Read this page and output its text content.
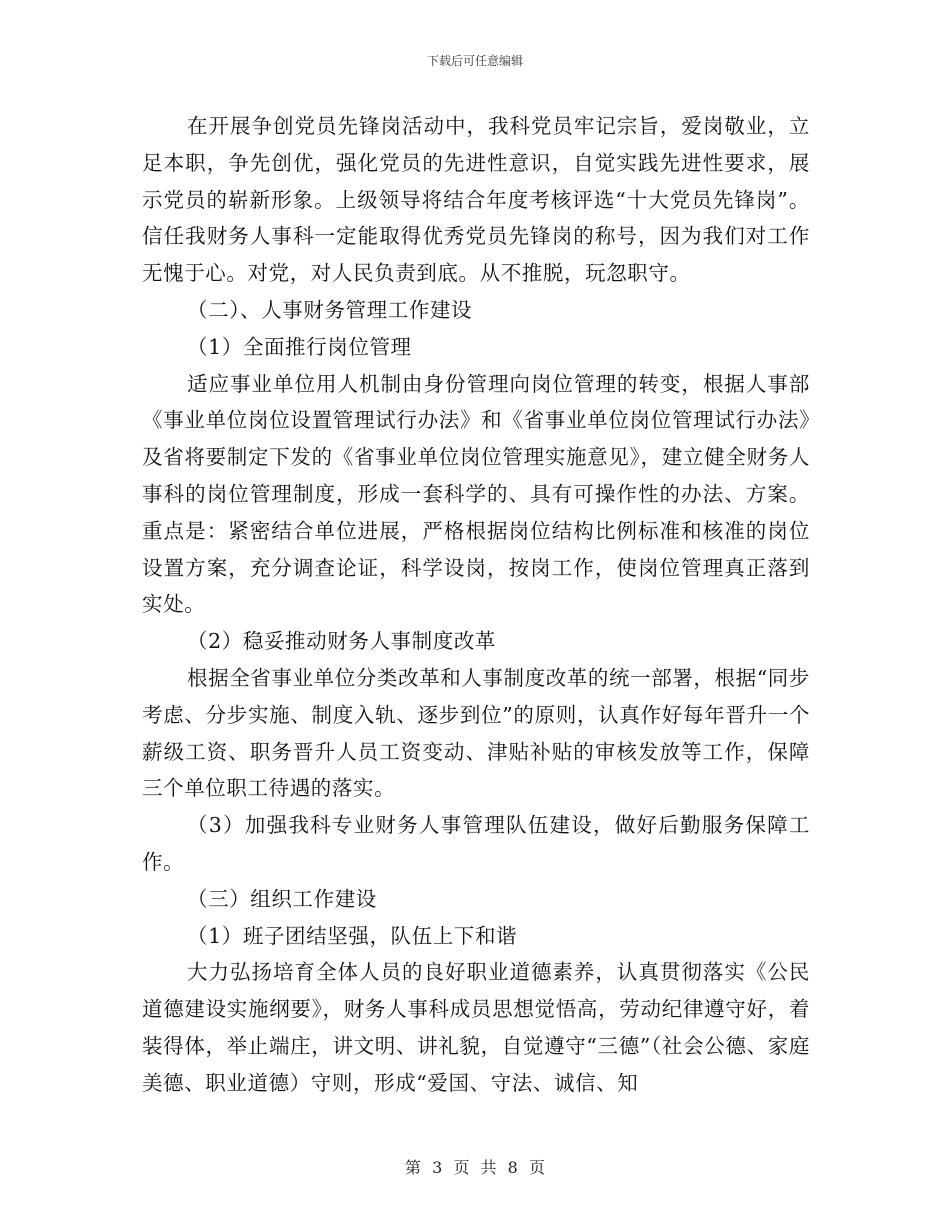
下载后可任意编辑

在开展争创党员先锋岗活动中，我科党员牢记宗旨，爱岗敬业，立足本职，争先创优，强化党员的先进性意识，自觉实践先进性要求，展示党员的崭新形象。上级领导将结合年度考核评选“十大党员先锋岗”。信任我财务人事科一定能取得优秀党员先锋岗的称号，因为我们对工作无愧于心。对党，对人民负责到底。从不推脱，玩忽职守。

（二）、人事财务管理工作建设

（1）全面推行岗位管理

适应事业单位用人机制由身份管理向岗位管理的转变，根据人事部《事业单位岗位设置管理试行办法》和《省事业单位岗位管理试行办法》及省将要制定下发的《省事业单位岗位管理实施意见》，建立健全财务人事科的岗位管理制度，形成一套科学的、具有可操作性的办法、方案。重点是：紧密结合单位进展，严格根据岗位结构比例标准和核准的岗位设置方案，充分调查论证，科学设岗，按岗工作，使岗位管理真正落到实处。

（2）稳妥推动财务人事制度改革

根据全省事业单位分类改革和人事制度改革的统一部署，根据“同步考虑、分步实施、制度入轨、逐步到位”的原则，认真作好每年晋升一个薪级工资、职务晋升人员工资变动、津贴补贴的审核发放等工作，保障三个单位职工待遇的落实。

（3）加强我科专业财务人事管理队伍建设，做好后勤服务保障工作。

（三）组织工作建设

（1）班子团结坚强，队伍上下和谐

大力弘扬培育全体人员的良好职业道德素养，认真贯彻落实《公民道德建设实施纲要》，财务人事科成员思想觉悟高，劳动纪律遵守好，着装得体，举止端庄，讲文明、讲礼貌，自觉遵守“三德”（社会公德、家庭美德、职业道德）守则，形成“爱国、守法、诚信、知

第 3 页 共 8 页
